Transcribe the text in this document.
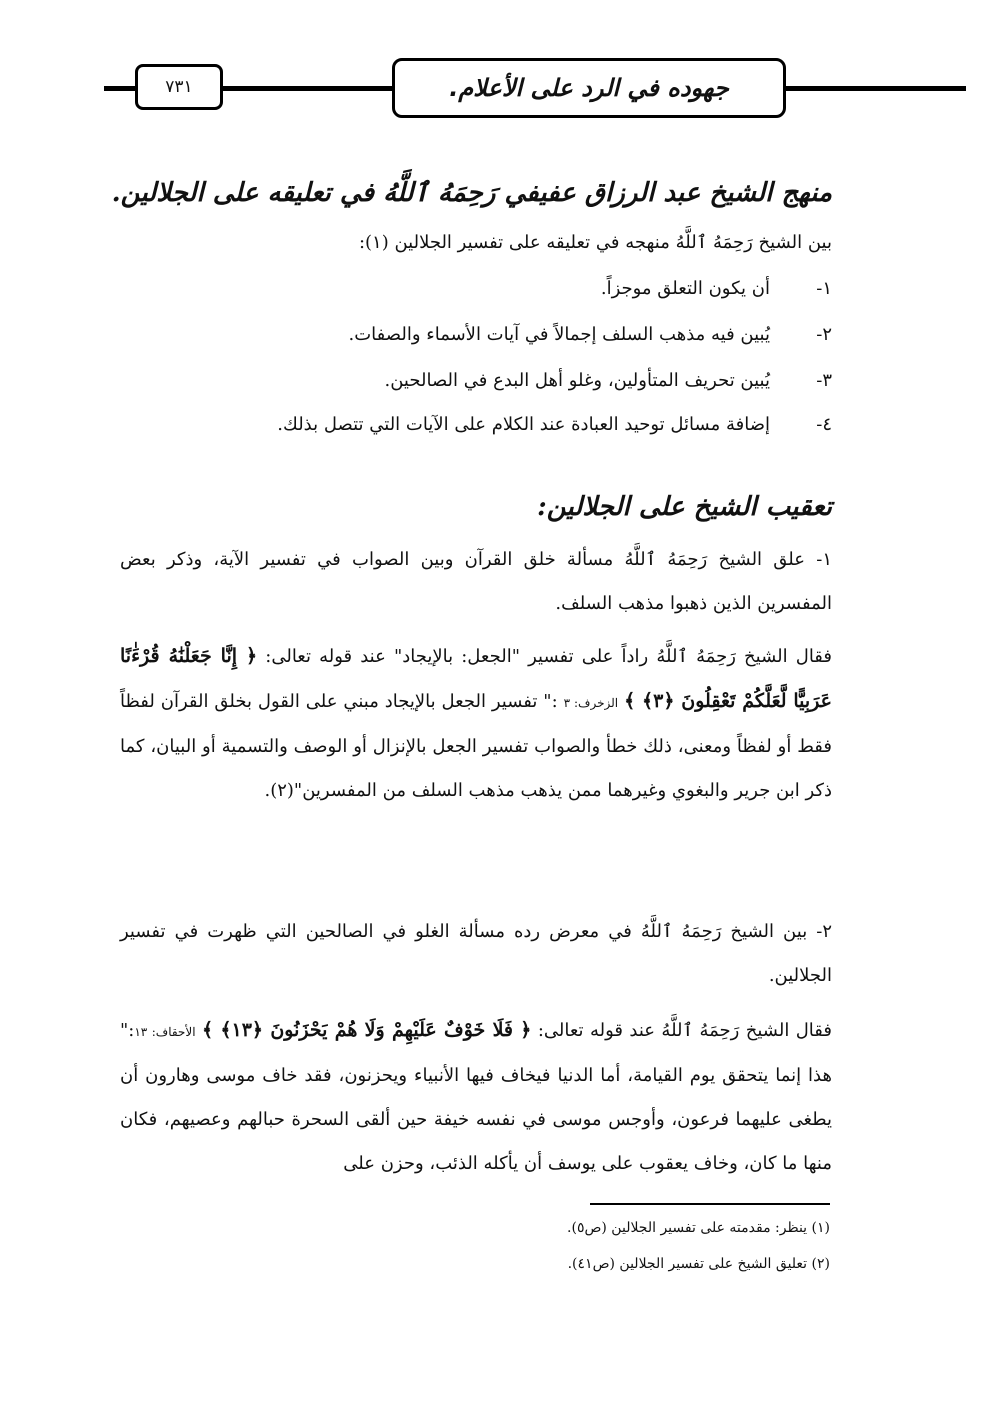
٧٣١	جهوده في الرد على الأعلام.
منهج الشيخ عبد الرزاق عفيفي رَحِمَهُ ٱللَّهُ في تعليقه على الجلالين.
بين الشيخ رَحِمَهُ ٱللَّهُ منهجه في تعليقه على تفسير الجلالين (١):
١-أن يكون التعلق موجزاً.
٢-يُبين فيه مذهب السلف إجمالاً في آيات الأسماء والصفات.
٣-يُبين تحريف المتأولين، وغلو أهل البدع في الصالحين.
٤-إضافة مسائل توحيد العبادة عند الكلام على الآيات التي تتصل بذلك.
تعقيب الشيخ على الجلالين:
١- علق الشيخ رَحِمَهُ ٱللَّهُ مسألة خلق القرآن وبين الصواب في تفسير الآية، وذكر بعض المفسرين الذين ذهبوا مذهب السلف.
فقال الشيخ رَحِمَهُ ٱللَّهُ راداً على تفسير "الجعل: بالإيجاد" عند قوله تعالى: ﴿ إِنَّا جَعَلْنَٰهُ قُرْءَٰنًا عَرَبِيًّا لَّعَلَّكُمْ تَعْقِلُونَ ﴿٣﴾ ﴾ الزخرف: ٣ :" تفسير الجعل بالإيجاد مبني على القول بخلق القرآن لفظاً فقط أو لفظاً ومعنى، ذلك خطأ والصواب تفسير الجعل بالإنزال أو الوصف والتسمية أو البيان، كما ذكر ابن جرير والبغوي وغيرهما ممن يذهب مذهب السلف من المفسرين"(٢).
٢- بين الشيخ رَحِمَهُ ٱللَّهُ في معرض رده مسألة الغلو في الصالحين التي ظهرت في تفسير الجلالين.
فقال الشيخ رَحِمَهُ ٱللَّهُ عند قوله تعالى: ﴿ فَلَا خَوْفٌ عَلَيْهِمْ وَلَا هُمْ يَحْزَنُونَ ﴿١٣﴾ ﴾ الأحقاف: ١٣:" هذا إنما يتحقق يوم القيامة، أما الدنيا فيخاف فيها الأنبياء ويحزنون، فقد خاف موسى وهارون أن يطغى عليهما فرعون، وأوجس موسى في نفسه خيفة حين ألقى السحرة حبالهم وعصيهم، فكان منها ما كان، وخاف يعقوب على يوسف أن يأكله الذئب، وحزن على
(١) ينظر: مقدمته على تفسير الجلالين (ص٥).
(٢) تعليق الشيخ على تفسير الجلالين (ص٤١).
